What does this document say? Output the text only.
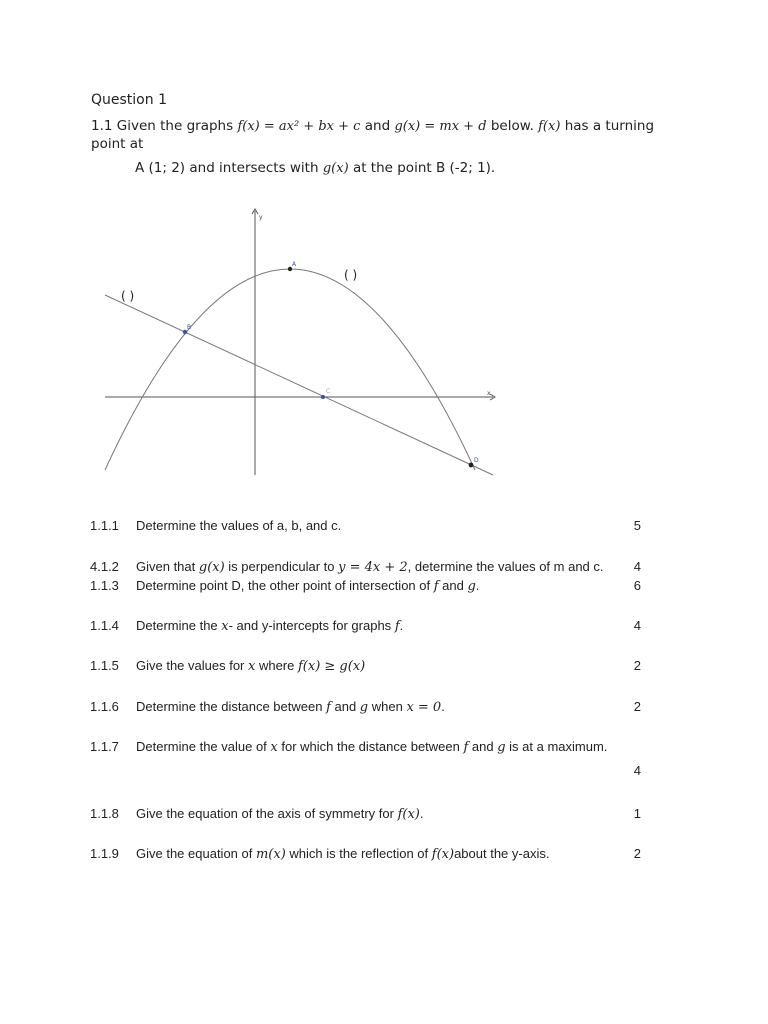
Question 1
1.1 Given the graphs f(x) = ax² + bx + c and g(x) = mx + d below. f(x) has a turning
point at
A (1; 2) and intersects with g(x) at the point B (-2; 1).
y
x
A
B
C
D
( )
( )
1.1.1 Determine the values of a, b, and c.	5
4.1.2 Given that g(x) is perpendicular to y = 4x + 2, determine the values of m and c. 4
1.1.3 Determine point D, the other point of intersection of f and g.	6
1.1.4 Determine the x- and y-intercepts for graphs f.	4
1.1.5 Give the values for x where f(x) ≥ g(x)	2
1.1.6 Determine the distance between f and g when x = 0.	2
1.1.7 Determine the value of x for which the distance between f and g is at a maximum.
4
1.1.8 Give the equation of the axis of symmetry for f(x).	1
1.1.9 Give the equation of m(x) which is the reflection of f(x)about the y-axis.	2
